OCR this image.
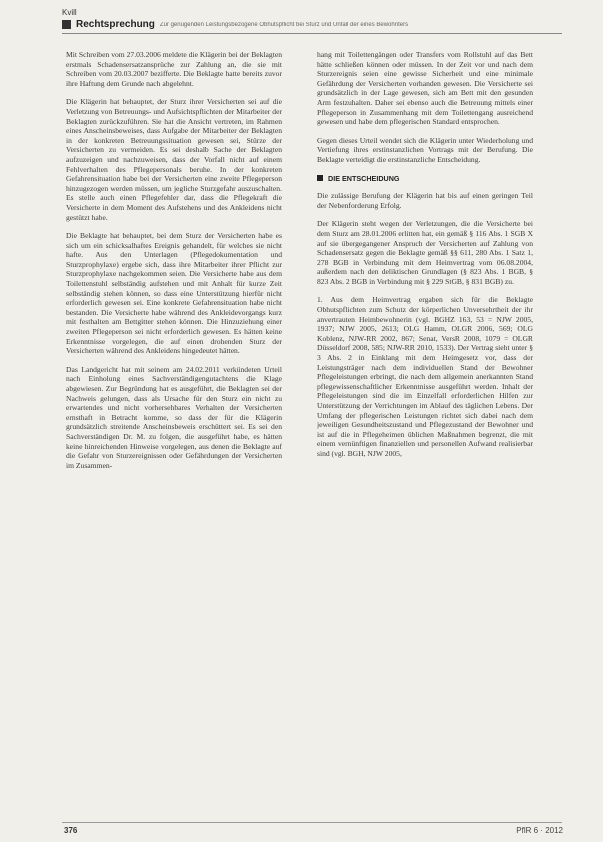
Kvill
Rechtsprechung Zur genügenden Leistungsbezogene Obhutspflicht bei Sturz und Unfall der eines Bewohnters

Mit Schreiben vom 27.03.2006 meldete die Klägerin bei der Beklagten erstmals Schadensersatzansprüche zur Zahlung an, die sie mit Schreiben vom 20.03.2007 bezifferte. Die Beklagte hatte bereits zuvor ihre Haftung dem Grunde nach abgelehnt.

Die Klägerin hat behauptet, der Sturz ihrer Versicherten sei auf die Verletzung von Betreuungs- und Aufsichtspflichten der Mitarbeiter der Beklagten zurückzuführen. Sie hat die Ansicht vertreten, im Rahmen eines Anscheinsbeweises, dass Aufgabe der Mitarbeiter der Beklagten in der konkreten Betreuungssituation gewesen sei, Stürze der Versicherten zu vermeiden. Es sei deshalb Sache der Beklagten aufzuzeigen und nachzuweisen, dass der Vorfall nicht auf einem Fehlverhalten des Pflegepersonals beruhe. In der konkreten Gefahrensituation habe bei der Versicherten eine zweite Pflegeperson hinzugezogen werden müssen, um jegliche Sturzgefahr auszuschalten. Es stelle auch einen Pflegefehler dar, dass die Pflegekraft die Versicherte in dem Moment des Aufstehens und des Ankleidens nicht gestützt habe.

Die Beklagte hat behauptet, bei dem Sturz der Versicherten habe es sich um ein schicksalhaftes Ereignis gehandelt, für welches sie nicht hafte. Aus den Unterlagen (Pflegedokumentation und Sturzprophylaxe) ergebe sich, dass ihre Mitarbeiter ihrer Pflicht zur Sturzprophylaxe nachgekommen seien. Die Versicherte habe aus dem Toilettenstuhl selbständig aufstehen und mit Anhalt für kurze Zeit selbständig stehen können, so dass eine Unterstützung hierfür nicht erforderlich gewesen sei. Eine konkrete Gefahrensituation habe nicht bestanden. Die Versicherte habe während des Ankleidevorgangs kurz mit festhalten am Bettgitter stehen können. Die Hinzuziehung einer zweiten Pflegeperson sei nicht erforderlich gewesen. Es hätten keine Erkenntnisse vorgelegen, die auf einen drohenden Sturz der Versicherten während des Ankleidens hingedeutet hätten.

Das Landgericht hat mit seinem am 24.02.2011 verkündeten Urteil nach Einholung eines Sachverständigengutachtens die Klage abgewiesen. Zur Begründung hat es ausgeführt, die Beklagten sei der Nachweis gelungen, dass als Ursache für den Sturz ein nicht zu erwartendes und nicht vorhersehbares Verhalten der Versicherten ernsthaft in Betracht komme, so dass der für die Klägerin grundsätzlich streitende Anscheinsbeweis erschüttert sei. Es sei den Sachverständigen Dr. M. zu folgen, die ausgeführt habe, es hätten keine hinreichenden Hinweise vorgelegen, aus denen die Beklagte auf die Gefahr von Sturzereignissen oder Gefährdungen der Versicherten im Zusammen-

hang mit Toilettengängen oder Transfers vom Rollstuhl auf das Bett hätte schließen können oder müssen. In der Zeit vor und nach dem Sturzereignis seien eine gewisse Sicherheit und eine minimale Gefährdung der Versicherten vorhanden gewesen. Die Versicherte sei grundsätzlich in der Lage gewesen, sich am Bett mit den gesunden Arm festzuhalten. Daher sei ebenso auch die Betreuung mittels einer Pflegeperson in Zusammenhang mit dem Toilettengang ausreichend gewesen und habe dem pflegerischen Standard entsprochen.

Gegen dieses Urteil wendet sich die Klägerin unter Wiederholung und Vertiefung ihres erstinstanzlichen Vortrags mit der Berufung. Die Beklagte verteidigt die erstinstanzliche Entscheidung.

DIE ENTSCHEIDUNG

Die zulässige Berufung der Klägerin hat bis auf einen geringen Teil der Nebenforderung Erfolg.

Der Klägerin steht wegen der Verletzungen, die die Versicherte bei dem Sturz am 28.01.2006 erlitten hat, ein gemäß § 116 Abs. 1 SGB X auf sie übergegangener Anspruch der Versicherten auf Zahlung von Schadensersatz gegen die Beklagte gemäß §§ 611, 280 Abs. 1 Satz 1, 278 BGB in Verbindung mit dem Heimvertrag vom 06.08.2004, außerdem nach den deliktischen Grundlagen (§ 823 Abs. 1 BGB, § 823 Abs. 2 BGB in Verbindung mit § 229 StGB, § 831 BGB) zu.

1. Aus dem Heimvertrag ergaben sich für die Beklagte Obhutspflichten zum Schutz der körperlichen Unversehrtheit der ihr anvertrauten Heimbewohnerin (vgl. BGHZ 163, 53 = NJW 2005, 1937; NJW 2005, 2613; OLG Hamm, OLGR 2006, 569; OLG Koblenz, NJW-RR 2002, 867; Senat, VersR 2008, 1079 = OLGR Düsseldorf 2008, 585; NJW-RR 2010, 1533). Der Vertrag sieht unter § 3 Abs. 2 in Einklang mit dem Heimgesetz vor, dass der Leistungsträger nach dem individuellen Stand der Bewohner Pflegeleistungen erbringt, die nach dem allgemein anerkannten Stand pflegewissenschaftlicher Erkenntnisse ausgeführt werden. Inhalt der Pflegeleistungen sind die im Einzelfall erforderlichen Hilfen zur Unterstützung der Verrichtungen im Ablauf des täglichen Lebens. Der Umfang der pflegerischen Leistungen richtet sich dabei nach dem jeweiligen Gesundheitszustand und Pflegezustand der Bewohner und ist auf die in Pflegeheimen üblichen Maßnahmen begrenzt, die mit einem vernünftigen finanziellen und personellen Aufwand realisierbar sind (vgl. BGH, NJW 2005,

376	PflR 6 · 2012
